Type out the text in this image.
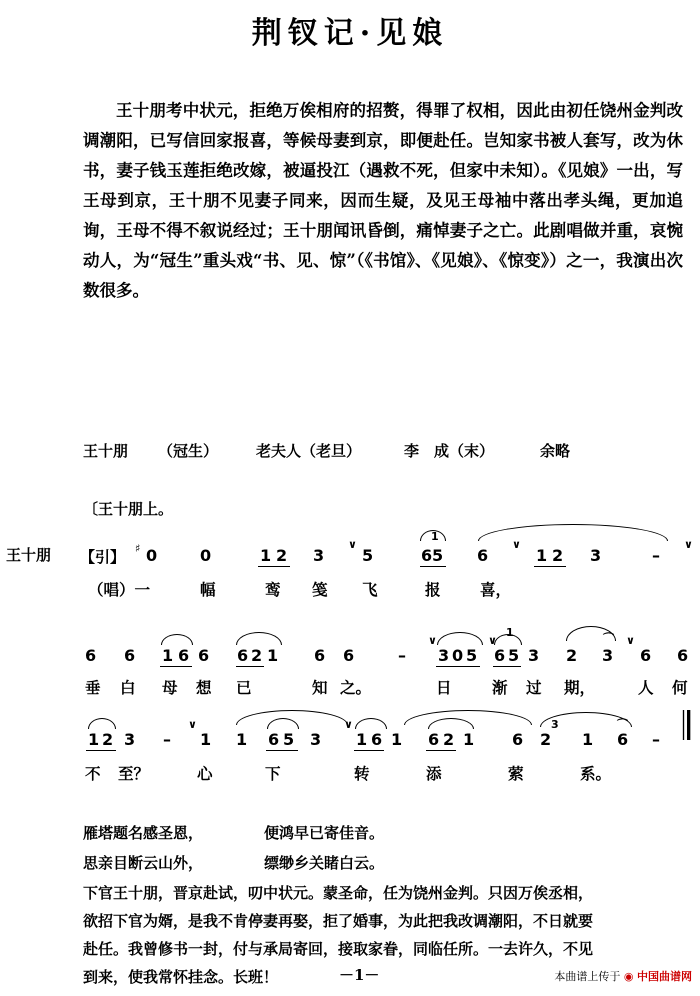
荆钗记·见娘
王十朋考中状元，拒绝万俟相府的招赘，得罪了权相，因此由初任饶州金判改调潮阳，已写信回家报喜，等候母妻到京，即便赴任。岂知家书被人套写，改为休书，妻子钱玉莲拒绝改嫁，被逼投江（遇救不死，但家中未知）。《见娘》一出，写王母到京，王十朋不见妻子同来，因而生疑，及见王母袖中落出孝头绳，更加追询，王母不得不叙说经过；王十朋闻讯昏倒，痛悼妻子之亡。此剧唱做并重，哀惋动人，为“冠生”重头戏“书、见、惊”（《书馆》、《见娘》、《惊变》）之一，我演出次数很多。
王十朋 （冠生）	老夫人（老旦）	李　成（末）	余略
〔王十朋上。
王十朋 【引】 ♯ 0	0	1 2 3
∨
5	6
1
5 6
∨
1 2 3	–
∨
（唱）一	幅	鸾 笺 飞	报	喜，
6 6 1 6 6 6 2 1 6 6	–
∨
3 0 5
∨
1
6 5 3 2
⌒
3 6
∨
6
垂 白 母 想 已	知 之。	日	渐 过 期，	人 何
1 2 3 –
∨
1 1 6 5 3
∨
1 6 1 6 2 1 6
3
2 1
⌒
6 –
不 至？	心	下	转	添	萦	系。
雁塔题名感圣恩，	便鸿早已寄佳音。
思亲目断云山外，	缥缈乡关睹白云。
下官王十朋，晋京赴试，叨中状元。蒙圣命，任为饶州金判。只因万俟丞相，
欲招下官为婿，是我不肯停妻再娶，拒了婚事，为此把我改调潮阳，不日就要
赴任。我曾修书一封，付与承局寄回，接取家眷，同临任所。一去许久，不见
到来，使我常怀挂念。长班！	－1－	本曲谱上传于 ◉ 中国曲谱网
